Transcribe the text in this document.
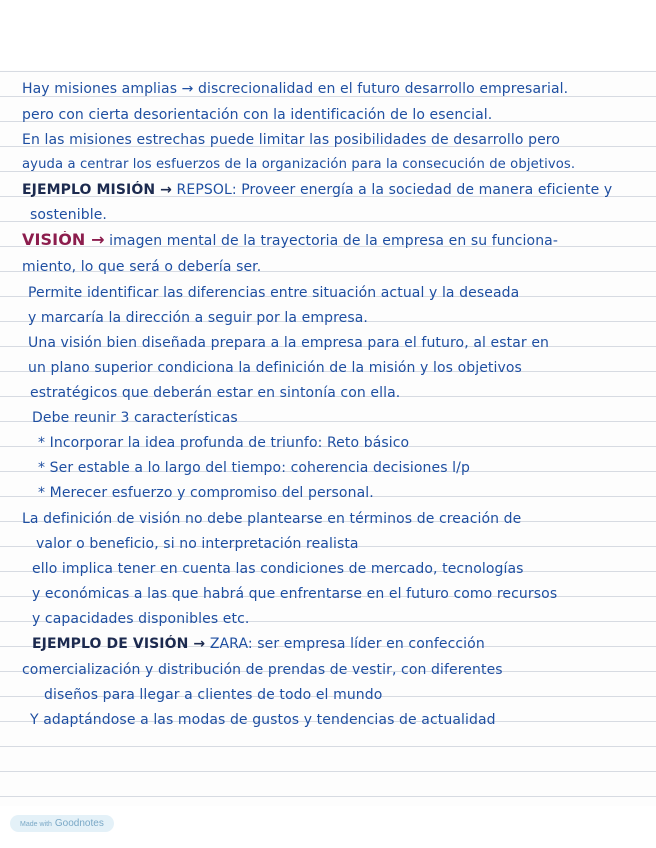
Hay misiones amplias → discrecionalidad en el futuro desarrollo empresarial.
pero con cierta desorientación con la identificación de lo esencial.
En las misiones estrechas puede limitar las posibilidades de desarrollo pero
ayuda a centrar los esfuerzos de la organización para la consecución de objetivos.
EJEMPLO MISIÓN → REPSOL: Proveer energía a la sociedad de manera eficiente y
sostenible.
VISIÓN → imagen mental de la trayectoria de la empresa en su funciona-
miento, lo que será o debería ser.
Permite identificar las diferencias entre situación actual y la deseada
y marcaría la dirección a seguir por la empresa.
Una visión bien diseñada prepara a la empresa para el futuro, al estar en
un plano superior condiciona la definición de la misión y los objetivos
estratégicos que deberán estar en sintonía con ella.
Debe reunir 3 características
* Incorporar la idea profunda de triunfo: Reto básico
* Ser estable a lo largo del tiempo: coherencia decisiones l/p
* Merecer esfuerzo y compromiso del personal.
La definición de visión no debe plantearse en términos de creación de
valor o beneficio, si no interpretación realista
ello implica tener en cuenta las condiciones de mercado, tecnologías
y económicas a las que habrá que enfrentarse en el futuro como recursos
y capacidades disponibles etc.
EJEMPLO DE VISIÓN → ZARA: ser empresa líder en confección
comercialización y distribución de prendas de vestir, con diferentes
diseños para llegar a clientes de todo el mundo
Y adaptándose a las modas de gustos y tendencias de actualidad
Made with Goodnotes
